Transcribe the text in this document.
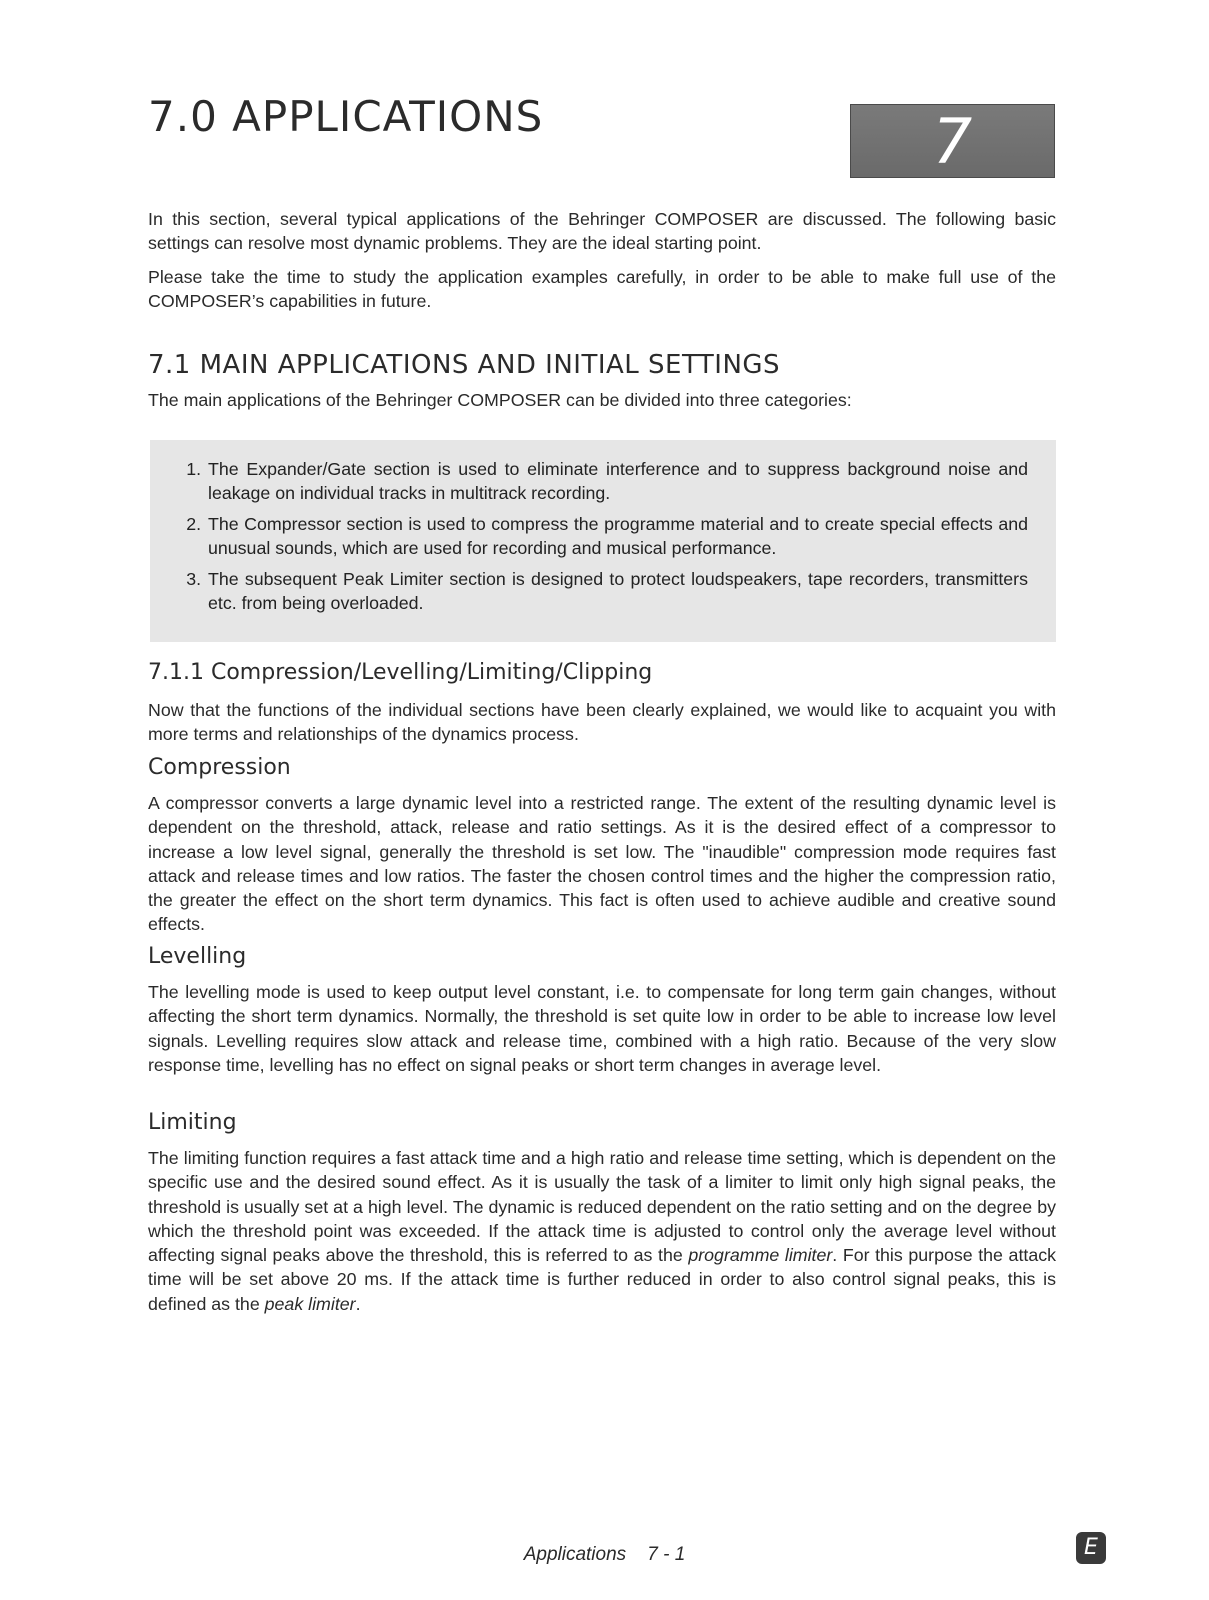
7.0 APPLICATIONS	7

In this section, several typical applications of the Behringer COMPOSER are discussed. The following basic settings can resolve most dynamic problems. They are the ideal starting point.

Please take the time to study the application examples carefully, in order to be able to make full use of the COMPOSER’s capabilities in future.

7.1 MAIN APPLICATIONS AND INITIAL SETTINGS

The main applications of the Behringer COMPOSER can be divided into three categories:

1. The Expander/Gate section is used to eliminate interference and to suppress background noise and leakage on individual tracks in multitrack recording.
2. The Compressor section is used to compress the programme material and to create special effects and unusual sounds, which are used for recording and musical performance.
3. The subsequent Peak Limiter section is designed to protect loudspeakers, tape recorders, transmitters etc. from being overloaded.
7.1.1 Compression/Levelling/Limiting/Clipping

Now that the functions of the individual sections have been clearly explained, we would like to acquaint you with more terms and relationships of the dynamics process.

Compression

A compressor converts a large dynamic level into a restricted range. The extent of the resulting dynamic level is dependent on the threshold, attack, release and ratio settings. As it is the desired effect of a compressor to increase a low level signal, generally the threshold is set low. The "inaudible" compression mode requires fast attack and release times and low ratios. The faster the chosen control times and the higher the compression ratio, the greater the effect on the short term dynamics. This fact is often used to achieve audible and creative sound effects.

Levelling

The levelling mode is used to keep output level constant, i.e. to compensate for long term gain changes, without affecting the short term dynamics. Normally, the threshold is set quite low in order to be able to increase low level signals. Levelling requires slow attack and release time, combined with a high ratio. Because of the very slow response time, levelling has no effect on signal peaks or short term changes in average level.

Limiting

The limiting function requires a fast attack time and a high ratio and release time setting, which is dependent on the specific use and the desired sound effect. As it is usually the task of a limiter to limit only high signal peaks, the threshold is usually set at a high level. The dynamic is reduced dependent on the ratio setting and on the degree by which the threshold point was exceeded. If the attack time is adjusted to control only the average level without affecting signal peaks above the threshold, this is referred to as the programme limiter. For this purpose the attack time will be set above 20 ms. If the attack time is further reduced in order to also control signal peaks, this is defined as the peak limiter.

Applications    7 - 1	E
